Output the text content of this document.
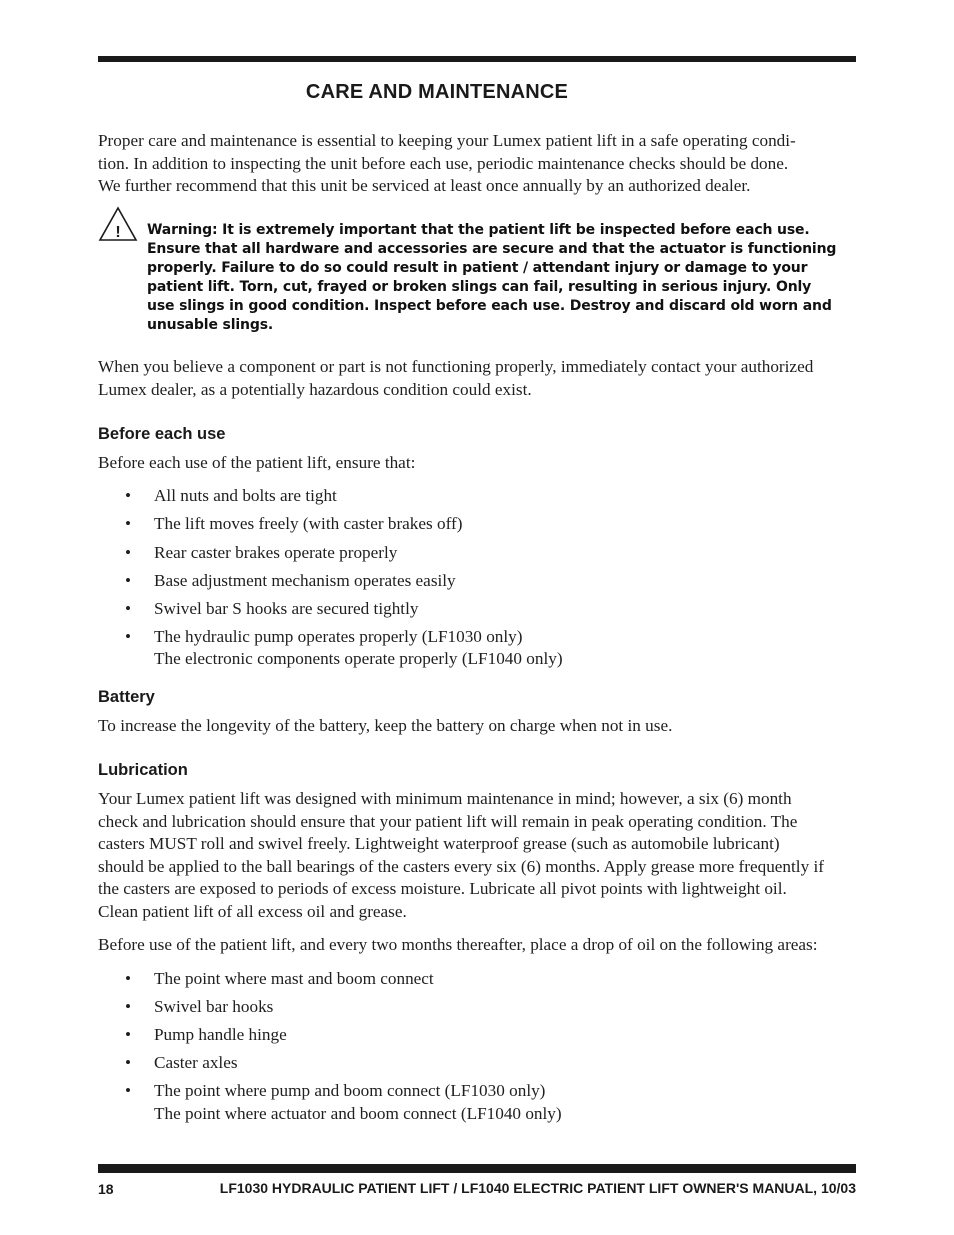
CARE AND MAINTENANCE
Proper care and maintenance is essential to keeping your Lumex patient lift in a safe operating condi-
tion. In addition to inspecting the unit before each use, periodic maintenance checks should be done.
We further recommend that this unit be serviced at least once annually by an authorized dealer.
! Warning: It is extremely important that the patient lift be inspected before each use.
Ensure that all hardware and accessories are secure and that the actuator is functioning
properly. Failure to do so could result in patient / attendant injury or damage to your
patient lift. Torn, cut, frayed or broken slings can fail, resulting in serious injury. Only
use slings in good condition. Inspect before each use. Destroy and discard old worn and
unusable slings.
When you believe a component or part is not functioning properly, immediately contact your authorized
Lumex dealer, as a potentially hazardous condition could exist.
Before each use
Before each use of the patient lift, ensure that:
• All nuts and bolts are tight
• The lift moves freely (with caster brakes off)
• Rear caster brakes operate properly
• Base adjustment mechanism operates easily
• Swivel bar S hooks are secured tightly
• The hydraulic pump operates properly (LF1030 only)
The electronic components operate properly (LF1040 only)
Battery
To increase the longevity of the battery, keep the battery on charge when not in use.
Lubrication
Your Lumex patient lift was designed with minimum maintenance in mind; however, a six (6) month
check and lubrication should ensure that your patient lift will remain in peak operating condition. The
casters MUST roll and swivel freely. Lightweight waterproof grease (such as automobile lubricant)
should be applied to the ball bearings of the casters every six (6) months. Apply grease more frequently if
the casters are exposed to periods of excess moisture. Lubricate all pivot points with lightweight oil.
Clean patient lift of all excess oil and grease.
Before use of the patient lift, and every two months thereafter, place a drop of oil on the following areas:
• The point where mast and boom connect
• Swivel bar hooks
• Pump handle hinge
• Caster axles
• The point where pump and boom connect (LF1030 only)
The point where actuator and boom connect (LF1040 only)
18	LF1030 HYDRAULIC PATIENT LIFT / LF1040 ELECTRIC PATIENT LIFT OWNER'S MANUAL, 10/03
